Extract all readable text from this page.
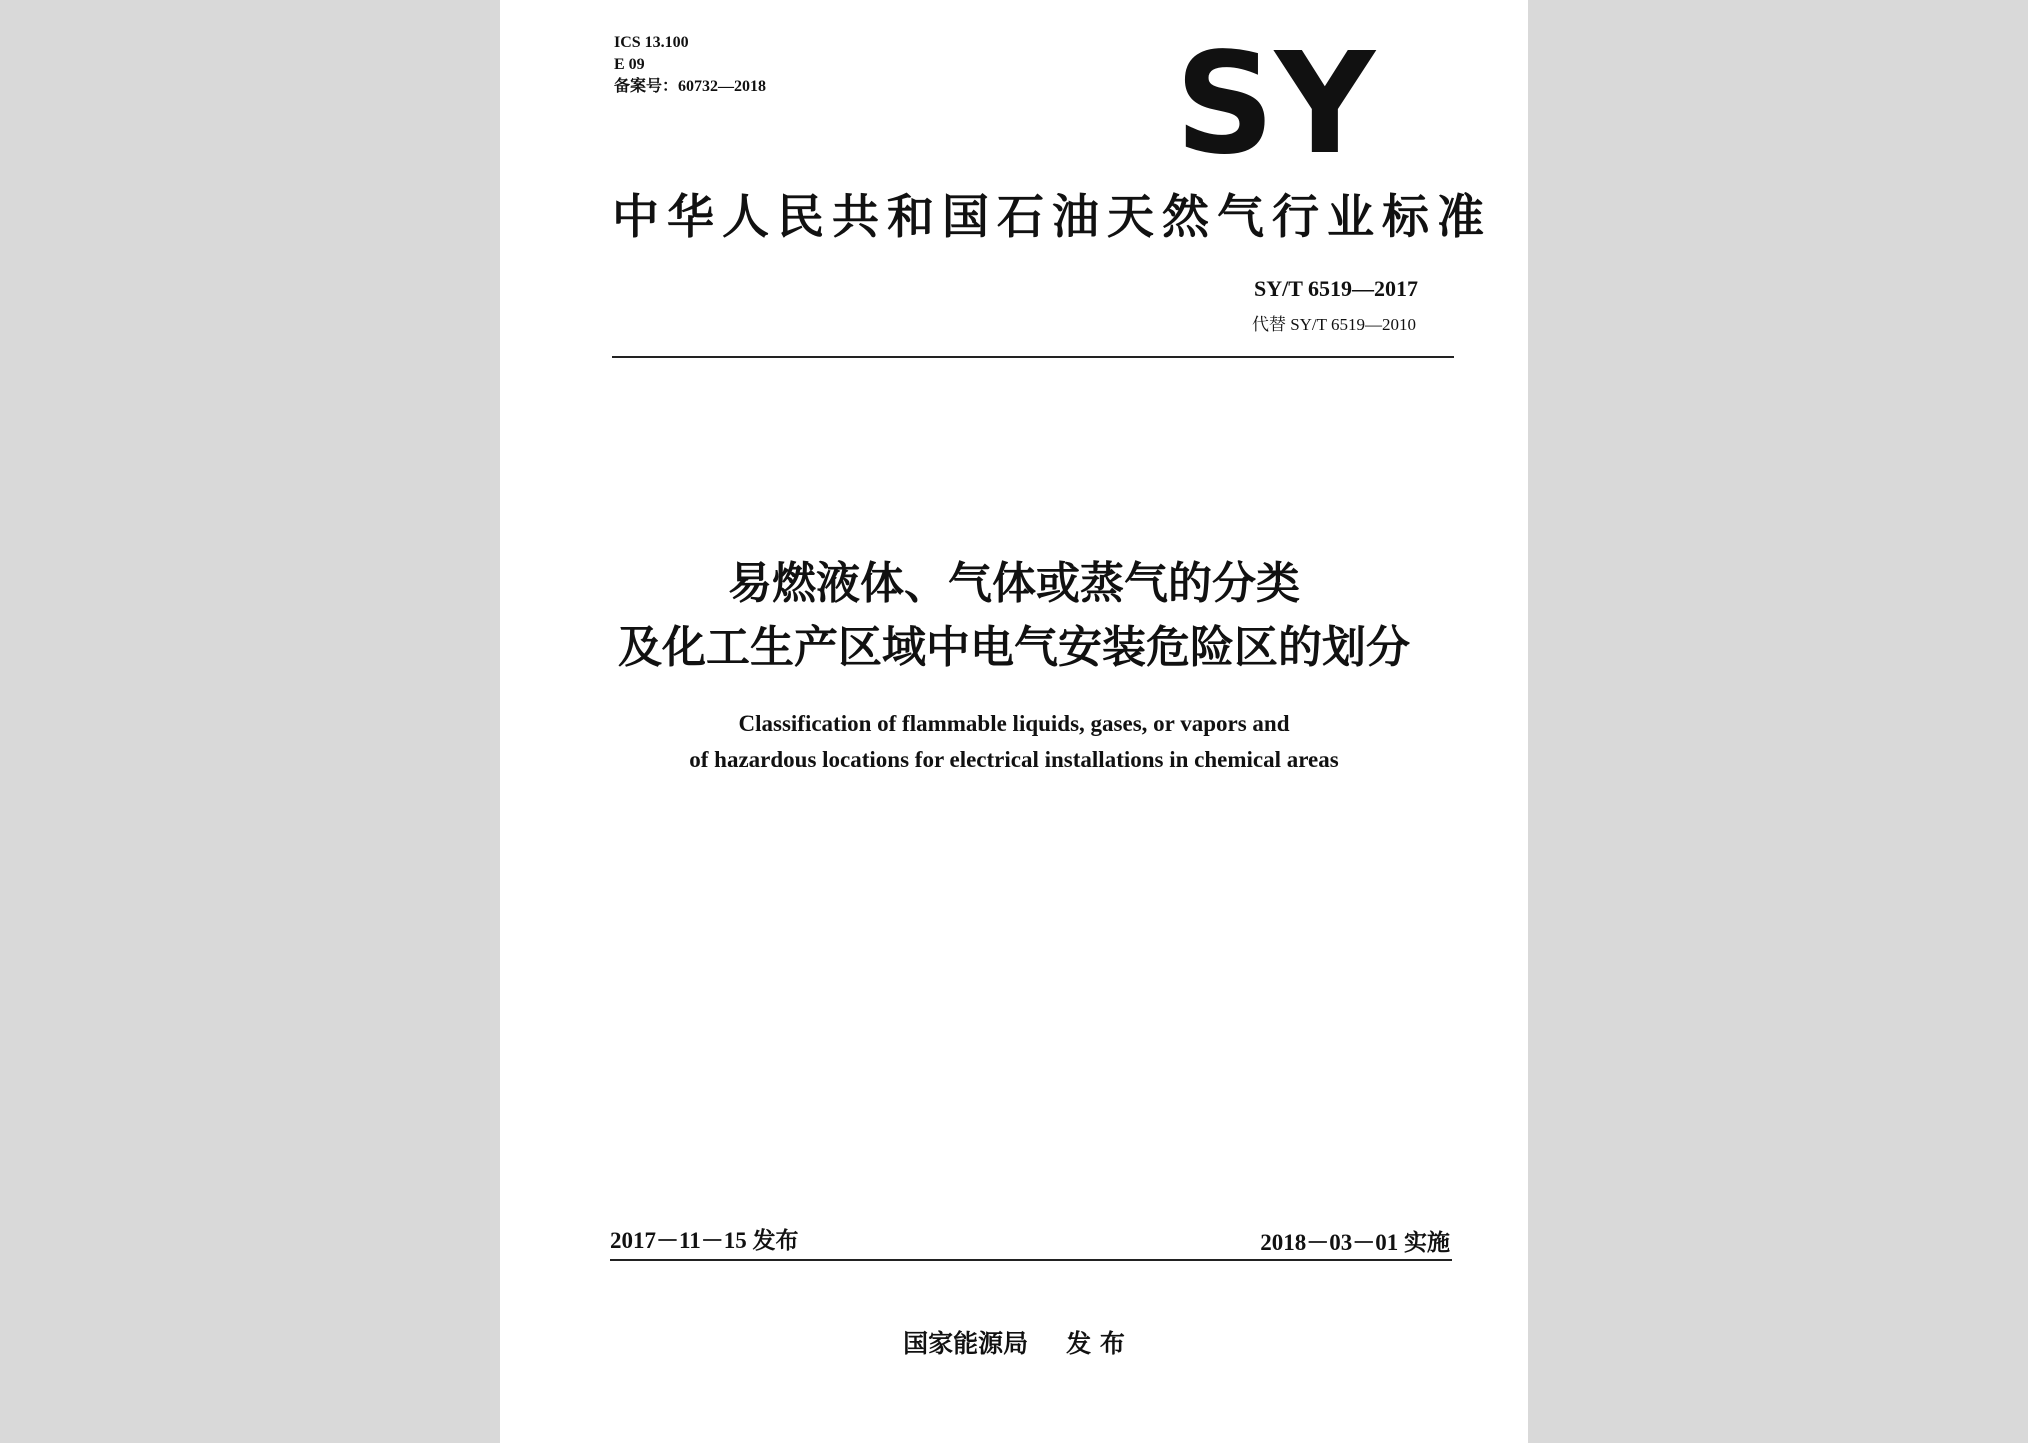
ICS 13.100
E 09
备案号：60732—2018	SY
中华人民共和国石油天然气行业标准
SY/T 6519—2017
代替 SY/T 6519—2010
易燃液体、气体或蒸气的分类
及化工生产区域中电气安装危险区的划分
Classification of flammable liquids, gases, or vapors and
of hazardous locations for electrical installations in chemical areas
2017－11－15 发布	2018－03－01 实施
国家能源局 发 布
